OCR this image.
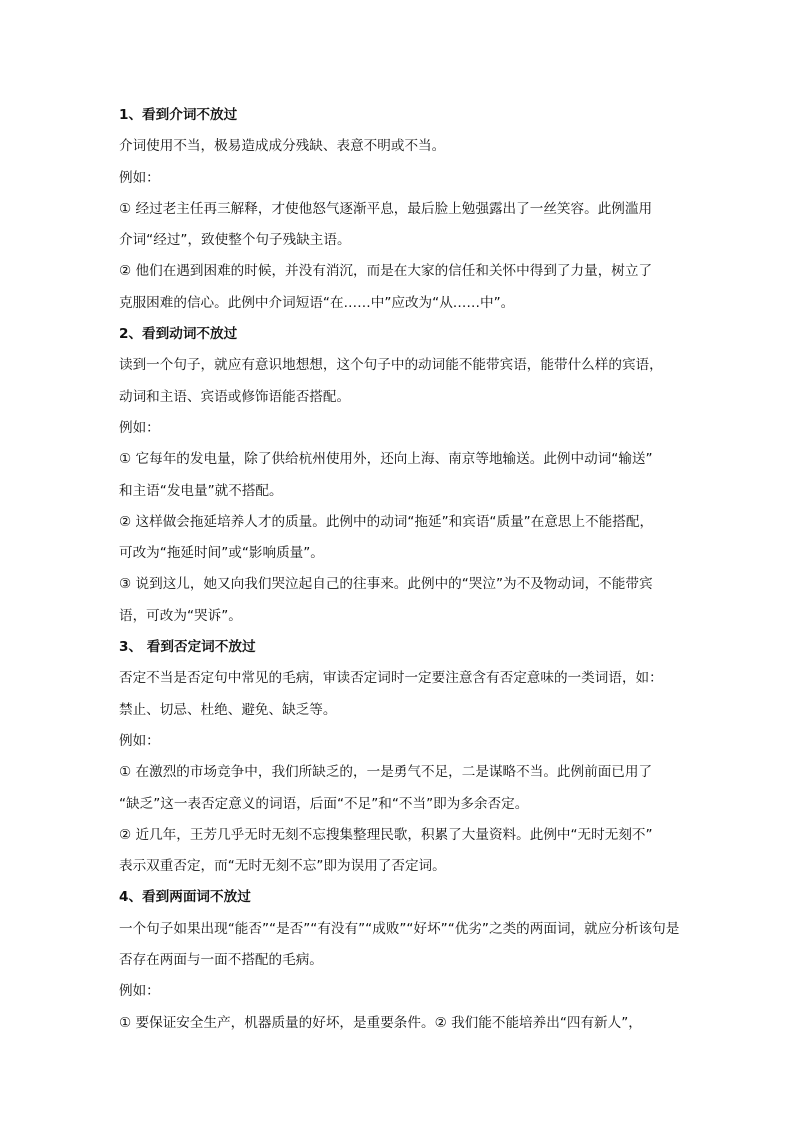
1、看到介词不放过
介词使用不当，极易造成成分残缺、表意不明或不当。
例如：
① 经过老主任再三解释，才使他怒气逐渐平息，最后脸上勉强露出了一丝笑容。此例滥用
介词“经过”，致使整个句子残缺主语。
② 他们在遇到困难的时候，并没有消沉，而是在大家的信任和关怀中得到了力量，树立了
克服困难的信心。此例中介词短语“在……中”应改为“从……中”。
2、看到动词不放过
读到一个句子，就应有意识地想想，这个句子中的动词能不能带宾语，能带什么样的宾语，
动词和主语、宾语或修饰语能否搭配。
例如：
① 它每年的发电量，除了供给杭州使用外，还向上海、南京等地输送。此例中动词“输送”
和主语“发电量”就不搭配。
② 这样做会拖延培养人才的质量。此例中的动词“拖延”和宾语“质量”在意思上不能搭配，
可改为“拖延时间”或“影响质量”。
③ 说到这儿，她又向我们哭泣起自己的往事来。此例中的“哭泣”为不及物动词，不能带宾
语，可改为“哭诉”。
3、 看到否定词不放过
否定不当是否定句中常见的毛病，审读否定词时一定要注意含有否定意味的一类词语，如：
禁止、切忌、杜绝、避免、缺乏等。
例如：
① 在激烈的市场竞争中，我们所缺乏的，一是勇气不足，二是谋略不当。此例前面已用了
“缺乏”这一表否定意义的词语，后面“不足”和“不当”即为多余否定。
② 近几年，王芳几乎无时无刻不忘搜集整理民歌，积累了大量资料。此例中“无时无刻不”
表示双重否定，而“无时无刻不忘”即为误用了否定词。
4、看到两面词不放过
一个句子如果出现“能否”“是否”“有没有”“成败”“好坏”“优劣”之类的两面词，就应分析该句是
否存在两面与一面不搭配的毛病。
例如：
① 要保证安全生产，机器质量的好坏，是重要条件。② 我们能不能培养出“四有新人”，
